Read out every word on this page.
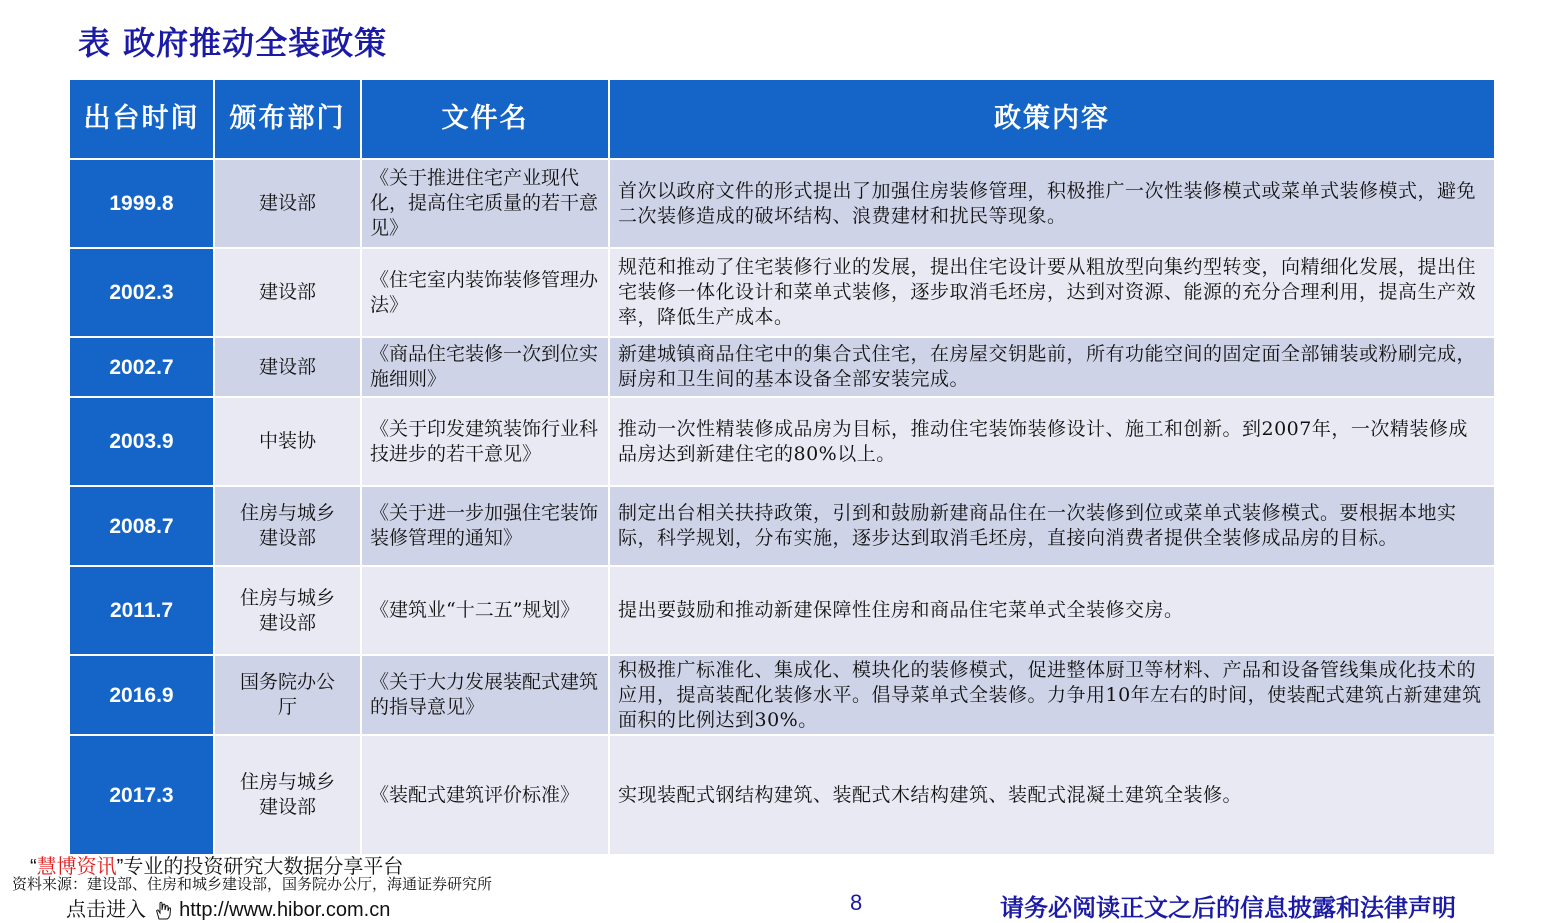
表 政府推动全装政策
出台时间	颁布部门	文件名	政策内容
1999.8	建设部	《关于推进住宅产业现代化，提高住宅质量的若干意见》	首次以政府文件的形式提出了加强住房装修管理，积极推广一次性装修模式或菜单式装修模式，避免二次装修造成的破坏结构、浪费建材和扰民等现象。
2002.3	建设部	《住宅室内装饰装修管理办法》	规范和推动了住宅装修行业的发展，提出住宅设计要从粗放型向集约型转变，向精细化发展，提出住宅装修一体化设计和菜单式装修，逐步取消毛坯房，达到对资源、能源的充分合理利用，提高生产效率，降低生产成本。
2002.7	建设部	《商品住宅装修一次到位实施细则》	新建城镇商品住宅中的集合式住宅，在房屋交钥匙前，所有功能空间的固定面全部铺装或粉刷完成，厨房和卫生间的基本设备全部安装完成。
2003.9	中装协	《关于印发建筑装饰行业科技进步的若干意见》	推动一次性精装修成品房为目标，推动住宅装饰装修设计、施工和创新。到2007年，一次精装修成品房达到新建住宅的80%以上。
2008.7	住房与城乡建设部	《关于进一步加强住宅装饰装修管理的通知》	制定出台相关扶持政策，引到和鼓励新建商品住在一次装修到位或菜单式装修模式。要根据本地实际，科学规划，分布实施，逐步达到取消毛坯房，直接向消费者提供全装修成品房的目标。
2011.7	住房与城乡建设部	《建筑业“十二五”规划》	提出要鼓励和推动新建保障性住房和商品住宅菜单式全装修交房。
2016.9	国务院办公厅	《关于大力发展装配式建筑的指导意见》	积极推广标准化、集成化、模块化的装修模式，促进整体厨卫等材料、产品和设备管线集成化技术的应用，提高装配化装修水平。倡导菜单式全装修。力争用10年左右的时间，使装配式建筑占新建建筑面积的比例达到30%。
2017.3	住房与城乡建设部	《装配式建筑评价标准》	实现装配式钢结构建筑、装配式木结构建筑、装配式混凝土建筑全装修。
“慧博资讯”专业的投资研究大数据分享平台
资料来源：建设部、住房和城乡建设部，国务院办公厅，海通证券研究所
点击进入 http://www.hibor.com.cn	8	请务必阅读正文之后的信息披露和法律声明
